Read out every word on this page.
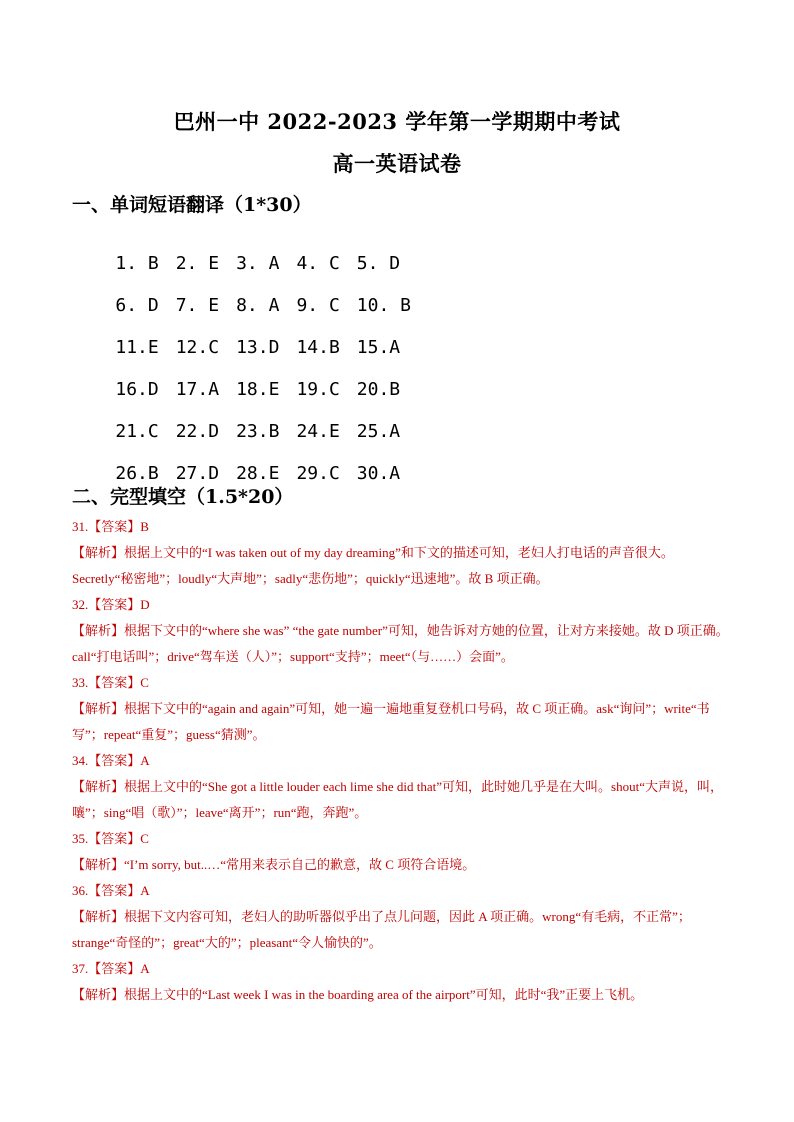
巴州一中 2022-2023 学年第一学期期中考试
高一英语试卷
一、单词短语翻译（1*30）

1. B 2. E 3. A 4. C 5. D

6. D 7. E 8. A 9. C 10. B

11.E 12.C 13.D 14.B 15.A

16.D 17.A 18.E 19.C 20.B

21.C 22.D 23.B 24.E 25.A

26.B 27.D 28.E 29.C 30.A

二、完型填空（1.5*20）
31.【答案】B
【解析】根据上文中的“I was taken out of my day dreaming”和下文的描述可知，老妇人打电话的声音很大。Secretly“秘密地”；loudly“大声地”；sadly“悲伤地”；quickly“迅速地”。故 B 项正确。
32.【答案】D
【解析】根据下文中的“where she was” “the gate number”可知，她告诉对方她的位置，让对方来接她。故 D 项正确。call“打电话叫”；drive“驾车送（人）”；support“支持”；meet“（与……）会面”。
33.【答案】C
【解析】根据下文中的“again and again”可知，她一遍一遍地重复登机口号码，故 C 项正确。ask“询问”；write“书写”；repeat“重复”；guess“猜测”。
34.【答案】A
【解析】根据上文中的“She got a little louder each lime she did that”可知，此时她几乎是在大叫。shout“大声说，叫，嚷”；sing“唱（歌）”；leave“离开”；run“跑，奔跑”。
35.【答案】C
【解析】“I’m sorry, but..…“常用来表示自己的歉意，故 C 项符合语境。
36.【答案】A
【解析】根据下文内容可知，老妇人的助听器似乎出了点儿问题，因此 A 项正确。wrong“有毛病，不正常”；strange“奇怪的”；great“大的”；pleasant“令人愉快的”。
37.【答案】A
【解析】根据上文中的“Last week I was in the boarding area of the airport”可知，此时“我”正要上飞机。
